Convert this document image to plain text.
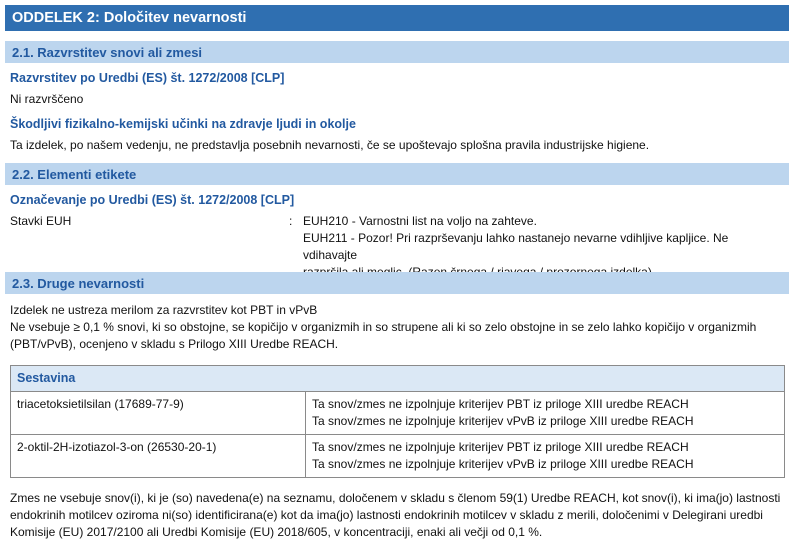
ODDELEK 2: Določitev nevarnosti
2.1. Razvrstitev snovi ali zmesi
Razvrstitev po Uredbi (ES) št. 1272/2008 [CLP]
Ni razvrščeno
Škodljivi fizikalno-kemijski učinki na zdravje ljudi in okolje
Ta izdelek, po našem vedenju, ne predstavlja posebnih nevarnosti, če se upoštevajo splošna pravila industrijske higiene.
2.2. Elementi etikete
Označevanje po Uredbi (ES) št. 1272/2008 [CLP]
Stavki EUH	: EUH210 - Varnostni list na voljo na zahteve.
EUH211 - Pozor! Pri razprševanju lahko nastanejo nevarne vdihljive kapljice. Ne vdihavajte
2.3. Druge nevarnosti
Izdelek ne ustreza merilom za razvrstitev kot PBT in vPvB
Ne vsebuje ≥ 0,1 % snovi, ki so obstojne, se kopičijo v organizmih in so strupene ali ki so zelo obstojne in se zelo lahko kopičijo v organizmih
(PBT/vPvB), ocenjeno v skladu s Prilogo XIII Uredbe REACH.
Sestavina	
triacetoksietilsilan (17689-77-9)	Ta snov/zmes ne izpolnjuje kriterijev PBT iz priloge XIII uredbe REACH
Ta snov/zmes ne izpolnjuje kriterijev vPvB iz priloge XIII uredbe REACH

2-oktil-2H-izotiazol-3-on (26530-20-1)	Ta snov/zmes ne izpolnjuje kriterijev PBT iz priloge XIII uredbe REACH
Ta snov/zmes ne izpolnjuje kriterijev vPvB iz priloge XIII uredbe REACH
Zmes ne vsebuje snov(i), ki je (so) navedena(e) na seznamu, določenem v skladu s členom 59(1) Uredbe REACH, kot snov(i), ki ima(jo) lastnosti
endokrinih motilcev oziroma ni(so) identificirana(e) kot da ima(jo) lastnosti endokrinih motilcev v skladu z merili, določenimi v Delegirani uredbi
Komisije (EU) 2017/2100 ali Uredbi Komisije (EU) 2018/605, v koncentraciji, enaki ali večji od 0,1 %.
